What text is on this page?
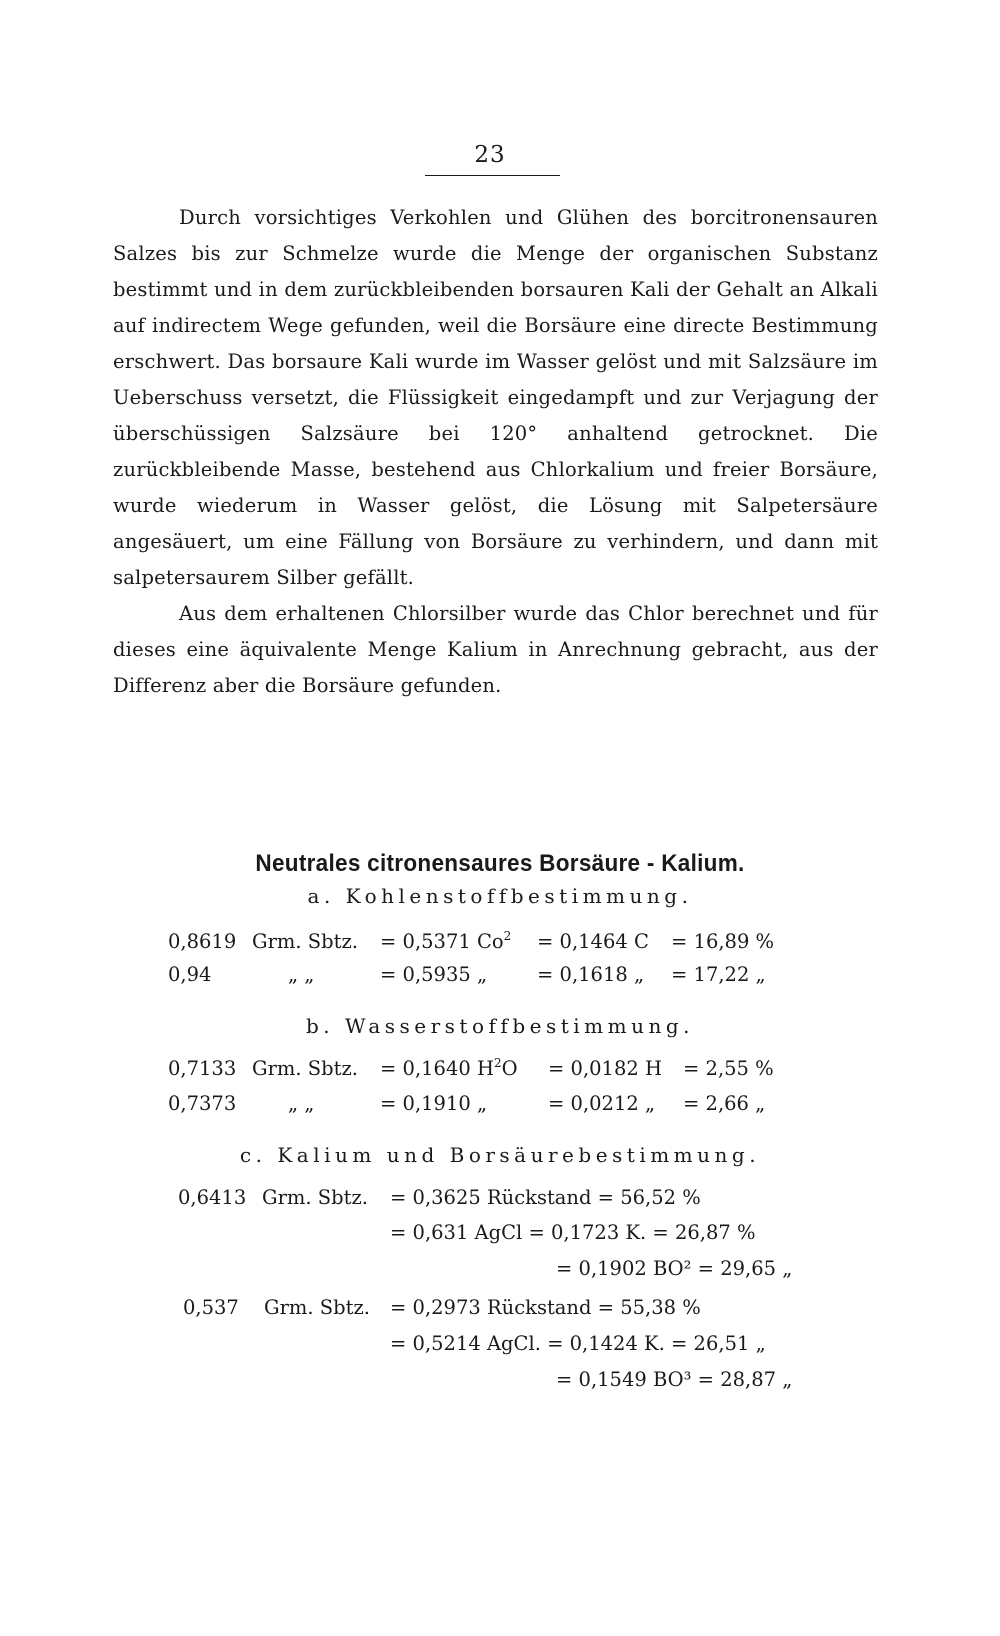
23

Durch vorsichtiges Verkohlen und Glühen des borcitronensauren Salzes bis zur Schmelze wurde die Menge der organischen Substanz bestimmt und in dem zurückbleibenden borsauren Kali der Gehalt an Alkali auf indirectem Wege gefunden, weil die Borsäure eine directe Bestimmung erschwert. Das borsaure Kali wurde im Wasser gelöst und mit Salzsäure im Ueberschuss versetzt, die Flüssigkeit eingedampft und zur Verjagung der überschüssigen Salzsäure bei 120° anhaltend getrocknet. Die zurückbleibende Masse, bestehend aus Chlorkalium und freier Borsäure, wurde wiederum in Wasser gelöst, die Lösung mit Salpetersäure angesäuert, um eine Fällung von Borsäure zu verhindern, und dann mit salpetersaurem Silber gefällt.

Aus dem erhaltenen Chlorsilber wurde das Chlor berechnet und für dieses eine äquivalente Menge Kalium in Anrechnung gebracht, aus der Differenz aber die Borsäure gefunden.

Neutrales citronensaures Borsäure - Kalium.
a. Kohlenstoffbestimmung.
0,8619 Grm. Sbtz. = 0,5371 $Co^2 = 0,1464$ C = 16,89 %
0,94	„ „	= 0,5935 „	= 0,1618 „ = 17,22 „
b. Wasserstoffbestimmung.
0,7133 Grm. Sbtz. = 0,1640 $H^2O = 0,0182$ H = 2,55 %
0,7373	„ „	= 0,1910 „	= 0,0212 „ = 2,66 „
c. Kalium und Borsäurebestimmung.
0,6413 Grm. Sbtz. = 0,3625 Rückstand = 56,52 %
= 0,631 AgCl = 0,1723 K. = 26,87 %
= 0,1902 BO² = 29,65 „
0,537 Grm. Sbtz. = 0,2973 Rückstand = 55,38 %
= 0,5214 AgCl. = 0,1424 K. = 26,51 „
= 0,1549 BO³ = 28,87 „
